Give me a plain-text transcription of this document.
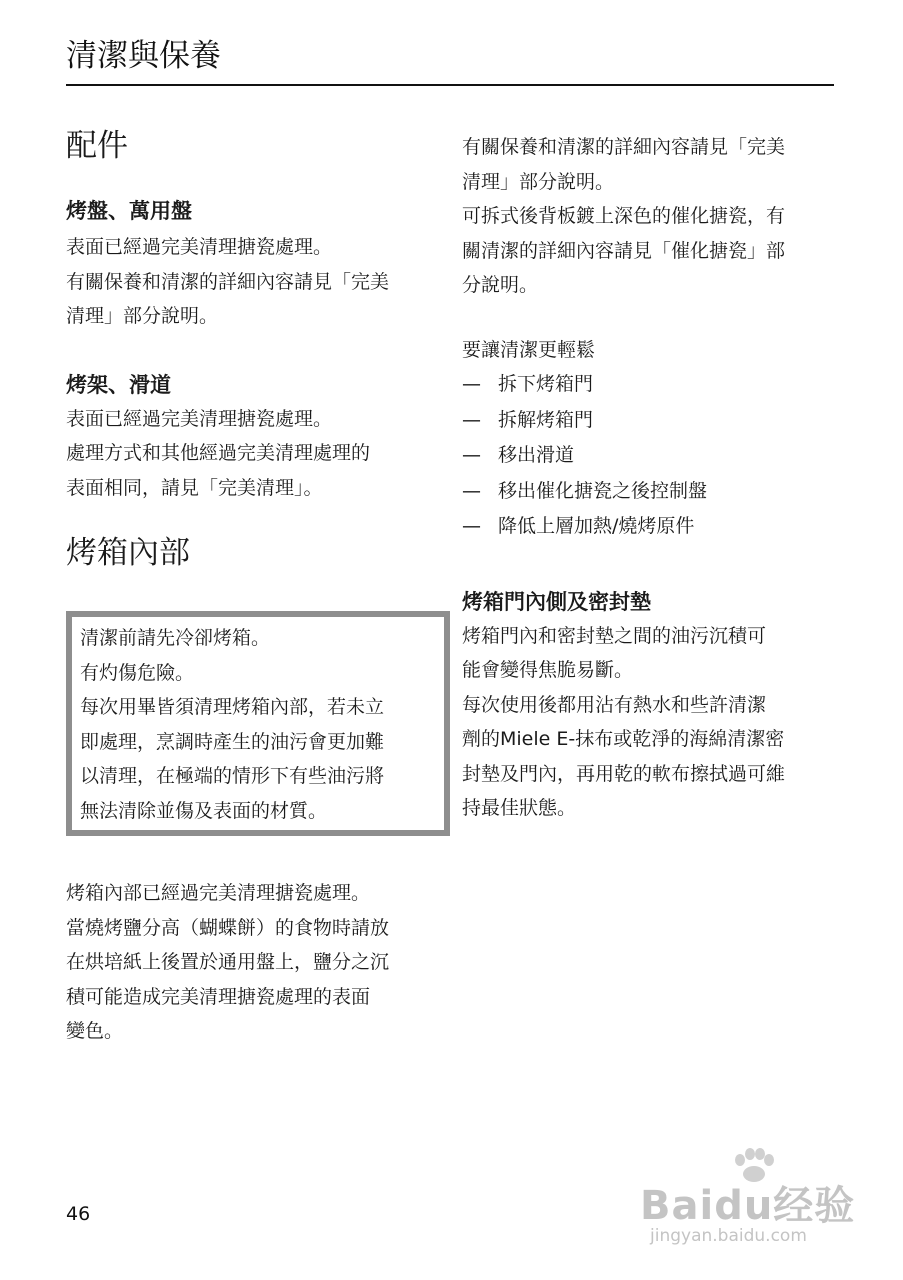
清潔與保養
配件
烤盤、萬用盤

表面已經過完美清理搪瓷處理。

有關保養和清潔的詳細內容請見「完美

清理」部分說明。

烤架、滑道

表面已經過完美清理搪瓷處理。

處理方式和其他經過完美清理處理的

表面相同，請見「完美清理」。

烤箱內部

清潔前請先冷卻烤箱。

有灼傷危險。

每次用畢皆須清理烤箱內部，若未立

即處理，烹調時產生的油污會更加難

以清理，在極端的情形下有些油污將

無法清除並傷及表面的材質。

烤箱內部已經過完美清理搪瓷處理。

當燒烤鹽分高（蝴蝶餅）的食物時請放

在烘培紙上後置於通用盤上，鹽分之沉

積可能造成完美清理搪瓷處理的表面

變色。

有關保養和清潔的詳細內容請見「完美

清理」部分說明。

可拆式後背板鍍上深色的催化搪瓷，有

關清潔的詳細內容請見「催化搪瓷」部

分說明。

要讓清潔更輕鬆

— 拆下烤箱門
— 拆解烤箱門
— 移出滑道
— 移出催化搪瓷之後控制盤
— 降低上層加熱/燒烤原件
烤箱門內側及密封墊

烤箱門內和密封墊之間的油污沉積可

能會變得焦脆易斷。

每次使用後都用沾有熱水和些許清潔

劑的Miele E-抹布或乾淨的海綿清潔密

封墊及門內，再用乾的軟布擦拭過可維

持最佳狀態。

46	Baidu经验
jingyan.baidu.com
